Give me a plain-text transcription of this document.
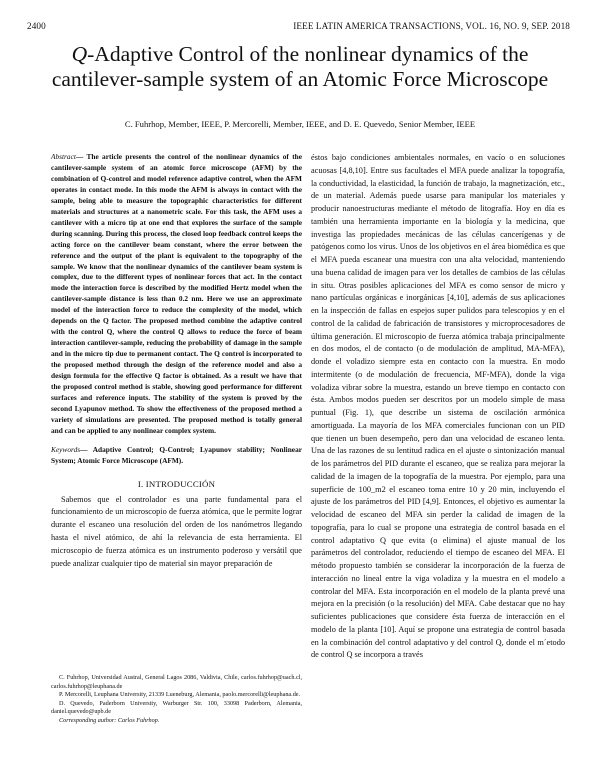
2400	IEEE LATIN AMERICA TRANSACTIONS, VOL. 16, NO. 9, SEP. 2018
Q-Adaptive Control of the nonlinear dynamics of the cantilever-sample system of an Atomic Force Microscope
C. Fuhrhop, Member, IEEE, P. Mercorelli, Member, IEEE, and D. E. Quevedo, Senior Member, IEEE

Abstract— The article presents the control of the nonlinear dynamics of the cantilever-sample system of an atomic force microscope (AFM) by the combination of Q-control and model reference adaptive control, when the AFM operates in contact mode. In this mode the AFM is always in contact with the sample, being able to measure the topographic characteristics for different materials and structures at a nanometric scale. For this task, the AFM uses a cantilever with a micro tip at one end that explores the surface of the sample during scanning. During this process, the closed loop feedback control keeps the acting force on the cantilever beam constant, where the error between the reference and the output of the plant is equivalent to the topography of the sample. We know that the nonlinear dynamics of the cantilever beam system is complex, due to the different types of nonlinear forces that act. In the contact mode the interaction force is described by the modified Hertz model when the cantilever-sample distance is less than 0.2 nm. Here we use an approximate model of the interaction force to reduce the complexity of the model, which depends on the Q factor. The proposed method combine the adaptive control with the control Q, where the control Q allows to reduce the force of beam interaction cantilever-sample, reducing the probability of damage in the sample and in the micro tip due to permanent contact. The Q control is incorporated to the proposed method through the design of the reference model and also a design formula for the effective Q factor is obtained. As a result we have that the proposed control method is stable, showing good performance for different surfaces and reference inputs. The stability of the system is proved by the second Lyapunov method. To show the effectiveness of the proposed method a variety of simulations are presented. The proposed method is totally general and can be applied to any nonlinear complex system.

Keywords— Adaptive Control; Q-Control; Lyapunov stability; Nonlinear System; Atomic Force Microscope (AFM).

I. INTRODUCCIÓN

Sabemos que el controlador es una parte fundamental para el funcionamiento de un microscopio de fuerza atómica, que le permite lograr durante el escaneo una resolución del orden de los nanómetros llegando hasta el nivel atómico, de ahí la relevancia de esta herramienta. El microscopio de fuerza atómica es un instrumento poderoso y versátil que puede analizar cualquier tipo de material sin mayor preparación de

C. Fuhrhop, Universidad Austral, General Lagos 2086, Valdivia, Chile, carlos.fuhrhop@uach.cl, carlos.fuhrhop@leuphana.de

P. Mercorelli, Leuphana University, 21339 Lueneburg, Alemania, paolo.mercorelli@leuphana.de.

D. Quevedo, Paderborn University, Warburger Str. 100, 33098 Paderborn, Alemania, daniel.quevedo@upb.de

Corresponding author: Carlos Fuhrhop.

éstos bajo condiciones ambientales normales, en vacío o en soluciones acuosas [4,8,10]. Entre sus facultades el MFA puede analizar la topografía, la conductividad, la elasticidad, la función de trabajo, la magnetización, etc., de un material. Además puede usarse para manipular los materiales y producir nanoestructuras mediante el método de litografía. Hoy en día es también una herramienta importante en la biología y la medicina, que investiga las propiedades mecánicas de las células cancerígenas y de patógenos como los virus. Unos de los objetivos en el área biomédica es que el MFA pueda escanear una muestra con una alta velocidad, manteniendo una buena calidad de imagen para ver los detalles de cambios de las células in situ. Otras posibles aplicaciones del MFA es como sensor de micro y nano partículas orgánicas e inorgánicas [4,10], además de sus aplicaciones en la inspección de fallas en espejos super pulidos para telescopios y en el control de la calidad de fabricación de transistores y microprocesadores de última generación. El microscopio de fuerza atómica trabaja principalmente en dos modos, el de contacto (o de modulación de amplitud, MA-MFA), donde el voladizo siempre esta en contacto con la muestra. En modo intermitente (o de modulación de frecuencia, MF-MFA), donde la viga voladiza vibrar sobre la muestra, estando un breve tiempo en contacto con ésta. Ambos modos pueden ser descritos por un modelo simple de masa puntual (Fig. 1), que describe un sistema de oscilación armónica amortiguada. La mayoría de los MFA comerciales funcionan con un PID que tienen un buen desempeño, pero dan una velocidad de escaneo lenta. Una de las razones de su lentitud radica en el ajuste o sintonización manual de los parámetros del PID durante el escaneo, que se realiza para mejorar la calidad de la imagen de la topografía de la muestra. Por ejemplo, para una superficie de 100_m2 el escaneo toma entre 10 y 20 min, incluyendo el ajuste de los parámetros del PID [4,9]. Entonces, el objetivo es aumentar la velocidad de escaneo del MFA sin perder la calidad de imagen de la topografía, para lo cual se propone una estrategia de control basada en el control adaptativo Q que evita (o elimina) el ajuste manual de los parámetros del controlador, reduciendo el tiempo de escaneo del MFA. El método propuesto también se considerar la incorporación de la fuerza de interacción no lineal entre la viga voladiza y la muestra en el modelo a controlar del MFA. Esta incorporación en el modelo de la planta prevé una mejora en la precisión (o la resolución) del MFA. Cabe destacar que no hay suficientes publicaciones que considere ésta fuerza de interacción en el modelo de la planta [10]. Aquí se propone una estrategia de control basada en la combinación del control adaptativo y del control Q, donde el m´etodo de control Q se incorpora a través
